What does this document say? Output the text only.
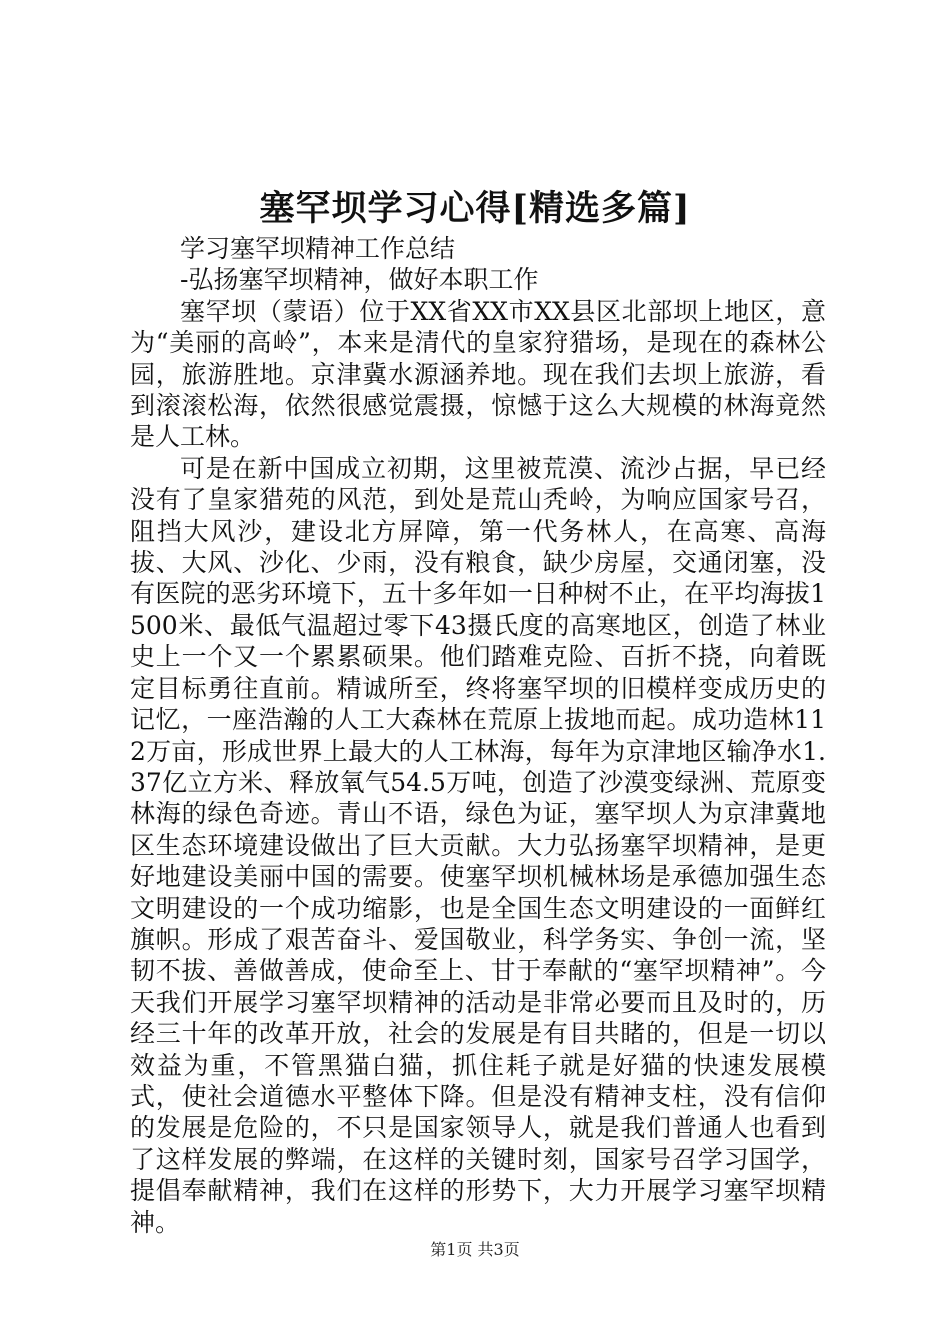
塞罕坝学习心得[精选多篇]

学习塞罕坝精神工作总结

-弘扬塞罕坝精神，做好本职工作

塞罕坝（蒙语）位于XX省XX市XX县区北部坝上地区，意为“美丽的高岭”，本来是清代的皇家狩猎场，是现在的森林公园，旅游胜地。京津冀水源涵养地。现在我们去坝上旅游，看到滚滚松海，依然很感觉震摄，惊憾于这么大规模的林海竟然是人工林。

可是在新中国成立初期，这里被荒漠、流沙占据，早已经没有了皇家猎苑的风范，到处是荒山秃岭，为响应国家号召，阻挡大风沙，建设北方屏障，第一代务林人，在高寒、高海拔、大风、沙化、少雨，没有粮食，缺少房屋，交通闭塞，没有医院的恶劣环境下，五十多年如一日种树不止，在平均海拔1500米、最低气温超过零下43摄氏度的高寒地区，创造了林业史上一个又一个累累硕果。他们踏难克险、百折不挠，向着既定目标勇往直前。精诚所至，终将塞罕坝的旧模样变成历史的记忆，一座浩瀚的人工大森林在荒原上拔地而起。成功造林112万亩，形成世界上最大的人工林海，每年为京津地区输净水1.37亿立方米、释放氧气54.5万吨，创造了沙漠变绿洲、荒原变林海的绿色奇迹。青山不语，绿色为证，塞罕坝人为京津冀地区生态环境建设做出了巨大贡献。大力弘扬塞罕坝精神，是更好地建设美丽中国的需要。使塞罕坝机械林场是承德加强生态文明建设的一个成功缩影，也是全国生态文明建设的一面鲜红旗帜。形成了艰苦奋斗、爱国敬业，科学务实、争创一流，坚韧不拔、善做善成，使命至上、甘于奉献的“塞罕坝精神”。今天我们开展学习塞罕坝精神的活动是非常必要而且及时的，历经三十年的改革开放，社会的发展是有目共睹的，但是一切以效益为重，不管黑猫白猫，抓住耗子就是好猫的快速发展模式，使社会道德水平整体下降。但是没有精神支柱，没有信仰的发展是危险的，不只是国家领导人，就是我们普通人也看到了这样发展的弊端，在这样的关键时刻，国家号召学习国学，提倡奉献精神，我们在这样的形势下，大力开展学习塞罕坝精神。

第1页 共3页
